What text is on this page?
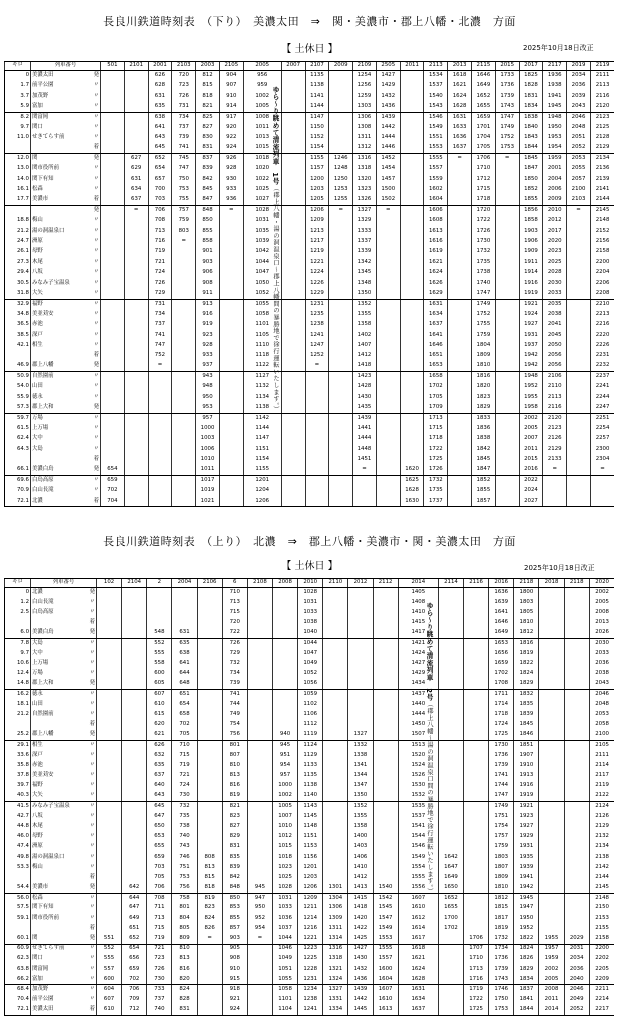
長良川鉄道時刻表　（下り）　美濃太田　⇒　関・美濃市・郡上八幡・北濃　方面
【 土休日 】	2025年10月18日改正
キロ	列車番号	501	2101	2001	2103	2003	2105	2005	2007	2107	2009	2109	2505	2011	2113	2013	2115	2015	2017	2117	2019	2119
0	美濃太田 発			626	720	812	904	956		1135		1254	1427		1534	1618	1646	1733	1825	1936	2034	2111
1.7	前平公園 〃			628	723	815	907	959		1138		1256	1429		1537	1621	1649	1736	1828	1938	2036	2113
3.7	加茂野 〃			631	726	818	910	1002		1141		1259	1432		1540	1624	1652	1739	1831	1941	2039	2116
5.9	富加 〃			635	731	821	914	1005		1144		1303	1436		1543	1628	1655	1743	1834	1945	2043	2120
8.2	関富岡 〃			638	734	825	917	1008		1147		1306	1439		1546	1631	1659	1747	1838	1948	2046	2123
9.7	関口 〃			641	737	827	920	1011		1150		1308	1442		1549	1633	1701	1749	1840	1950	2048	2125
11.0	せきてらす前 〃			643	739	830	922	1013		1152		1311	1444		1551	1636	1704	1752	1843	1953	2051	2128

	着			645	741	831	924	1015		1154		1312	1446		1553	1637	1705	1753	1844	1954	2052	2129
12.0	関 発		627	652	745	837	926	1018		1155	1246	1316	1452		1555	=	1706	=	1845	1959	2053	2134
13.0	関市役所前 〃		629	654	747	839	928	1020		1157	1248	1318	1454		1557		1710		1847	2001	2055	2136
14.0	関下有知 〃		631	657	750	842	930	1022		1200	1250	1320	1457		1559		1712		1850	2004	2057	2139
16.1	松森 〃		634	700	753	845	933	1025		1203	1253	1323	1500		1602		1715		1852	2006	2100	2141
17.7	美濃市 着		637	703	755	847	936	1027		1205	1255	1326	1502		1604		1718		1855	2009	2103	2144

	発		=	706	757	848	=	1028		1206	=	1327	=		1606		1720		1856	2010	=	2145
18.8	梅山 〃			708	759	850		1031		1209		1329			1608		1722		1858	2012		2148
21.2	湯の洞温泉口 〃			713	803	855		1035		1213		1333			1613		1726		1903	2017		2152
24.7	洲原 〃			716	=	858		1039		1217		1337			1616		1730		1906	2020		2156
26.1	母野 〃			719		901		1042		1219		1339			1619		1732		1909	2023		2158
27.3	木尾 〃			721		903		1044		1221		1342			1621		1735		1911	2025		2200
29.4	八坂 〃			724		906		1047		1224		1345			1624		1738		1914	2028		2204
30.5	みなみ子宝温泉 〃			726		908		1050		1226		1348			1626		1740		1916	2030		2206
31.8	大矢 〃			729		911		1052		1229		1350			1629		1747		1919	2033		2208
32.9	福野 〃			731		913		1055		1231		1352			1631		1749		1921	2035		2210
34.8	美並苅安 〃			734		916		1058		1235		1355			1634		1752		1924	2038		2213
36.5	赤池 〃			737		919		1101		1238		1358			1637		1755		1927	2041		2216
38.5	深戸 〃			741		923		1105		1241		1402			1641		1759		1931	2045		2220
42.1	相生 〃			747		928		1110		1247		1407			1646		1804		1937	2050		2226

	着			752		933		1118		1252		1412			1651		1809		1942	2056		2231
46.9	郡上八幡 発			=		937		1122		=		1418			1653		1810		1942	2056		2232
50.9	自然園前 〃					943		1127				1423			1658		1816		1948	2106		2237
54.0	山田 〃					948		1132				1428			1702		1820		1952	2110		2241
55.9	徳永 〃					950		1134				1430			1705		1823		1955	2113		2244
57.3	郡上大和 発					953		1138				1435			1709		1829		1958	2116		2247
59.7	万場 〃					957		1142				1439			1713		1833		2002	2120		2251
61.5	上万場 〃					1000		1144				1441			1715		1836		2005	2123		2254
62.4	大中 〃					1003		1147				1444			1718		1838		2007	2126		2257
64.3	大島 〃					1006		1151				1448			1722		1842		2011	2129		2300

	着					1010		1154				1451			1725		1845		2015	2133		2304
66.1	美濃白鳥 発	654				1011		1155				=		1620	1726		1847		2016	=		=
69.6	白鳥高原 〃	659				1017		1201						1625	1732		1852		2022			
70.9	白山長滝 〃	702				1019		1204						1628	1735		1855		2024			
72.1	北濃 着	704				1021		1206						1630	1737		1857		2027			
ゆら～り眺めて清流列車　1号（郡上八幡・湯の洞温泉口～郡上八幡間の暴勝地で徐行運転いたします。）
長良川鉄道時刻表　（上り）　北濃　⇒　郡上八幡・美濃市・関・美濃太田　方面
【 土休日 】	2025年10月18日改正
キロ	列車番号	102	2104	2	2004	2106	6	2108	2008	2010	2110	2012	2112	2014	2114	2116	2016	2118	2018	2118	2020
0	北濃 発						710			1028				1405			1636	1800			2002
1.2	白山長滝 〃						713			1031				1408			1639	1803			2005
2.5	白鳥高原 〃						715			1033				1410			1641	1805			2008

	着						720			1038				1415			1646	1810			2013
6.0	美濃白鳥 発			548	631		722			1040				1417			1649	1812			2026
7.8	大島 〃			552	635		726			1044				1421			1653	1816			2030
9.7	大中 〃			555	638		729			1047				1424			1656	1819			2033
10.6	上万場 〃			558	641		732			1049				1427			1659	1822			2036
12.4	万場 〃			600	644		734			1052				1429			1702	1824			2038
14.8	郡上大和 発			605	648		739			1056				1434			1708	1829			2043
16.2	徳永 〃			607	651		741			1059				1437			1711	1832			2046
18.1	山田 〃			610	654		744			1102				1440			1714	1835			2048
21.2	自然園前 〃			615	658		749			1106				1444			1718	1839			2053

	着			620	702		754			1112				1450			1724	1845			2058
25.2	郡上八幡 発			621	705		756		940	1119		1327		1507			1725	1846			2100
29.1	相生 〃			626	710		801		945	1124		1332		1513			1730	1851			2105
33.6	深戸 〃			632	715		807		951	1129		1338		1520			1736	1907			2111
35.8	赤池 〃			635	719		810		954	1133		1341		1524			1739	1910			2114
37.8	美並苅安 〃			637	721		813		957	1135		1344		1526			1741	1913			2117
39.7	福野 〃			640	724		816		1000	1138		1347		1530			1744	1916			2119
40.3	大矢 〃			643	730		819		1002	1140		1350		1532			1747	1919			2122
41.5	みなみ子宝温泉 〃			645	732		821		1005	1143		1352		1535			1749	1921			2124
42.7	八坂 〃			647	735		823		1007	1145		1355		1537			1751	1923			2126
44.8	木尾 〃			650	738		827		1010	1148		1358		1541			1754	1927			2129
46.0	母野 〃			653	740		829		1012	1151		1400		1544			1757	1929			2132
47.4	洲原 〃			655	743		831		1015	1153		1403		1546			1759	1931			2134
49.8	湯の洞温泉口 〃			659	746	808	835		1018	1156		1406		1549	1642		1803	1935			2138
53.3	梅山 〃			703	751	813	839		1023	1201		1410		1554	1647		1807	1939			2142

	着			705	753	815	842		1025	1203		1412		1555	1649		1809	1941			2144
54.4	美濃市 発		642	706	756	818	848	945	1028	1206	1301	1413	1540	1556	1650		1810	1942			2145
56.0	松森 〃		644	708	758	819	850	947	1031	1209	1304	1415	1542	1607	1652		1812	1945			2148
57.5	関下有知 〃		647	711	801	823	853	950	1033	1211	1306	1418	1545	1610	1655		1815	1947			2150
59.1	関市役所前 〃		649	713	804	824	855	952	1036	1214	1309	1420	1547	1612	1700		1817	1950			2153

	着		651	715	805	826	857	954	1037	1216	1311	1422	1549	1614	1702		1819	1952			2155
60.1	関 発	551	652	719	809	=	903	=	1044	1221	1314	1425	1553	1617		1706	1732	1822	1955	2029	2158
60.9	せきてらす前 〃	552	654	721	810		905		1046	1223	1316	1427	1555	1618		1707	1734	1824	1957	2031	2200
62.3	関口 〃	555	656	723	813		908		1049	1225	1318	1430	1557	1621		1710	1736	1826	1959	2034	2202
63.8	関富岡 〃	557	659	726	816		910		1051	1228	1321	1432	1600	1624		1713	1739	1829	2002	2036	2205
66.2	富加 〃	600	702	730	820		915		1055	1231	1324	1436	1604	1628		1716	1743	1834	2005	2040	2209
68.4	加茂野 〃	604	706	733	824		918		1058	1234	1327	1439	1607	1631		1719	1746	1837	2008	2046	2211
70.4	前平公園 〃	607	709	737	828		921		1101	1238	1331	1442	1610	1634		1722	1750	1841	2011	2049	2214
72.1	美濃太田 着	610	712	740	831		924		1104	1241	1334	1445	1613	1637		1725	1753	1844	2014	2052	2217
ゆら～り眺めて清流列車　2号（郡上八幡～湯の洞温泉口間の暴勝地で徐行運転いたします。）
